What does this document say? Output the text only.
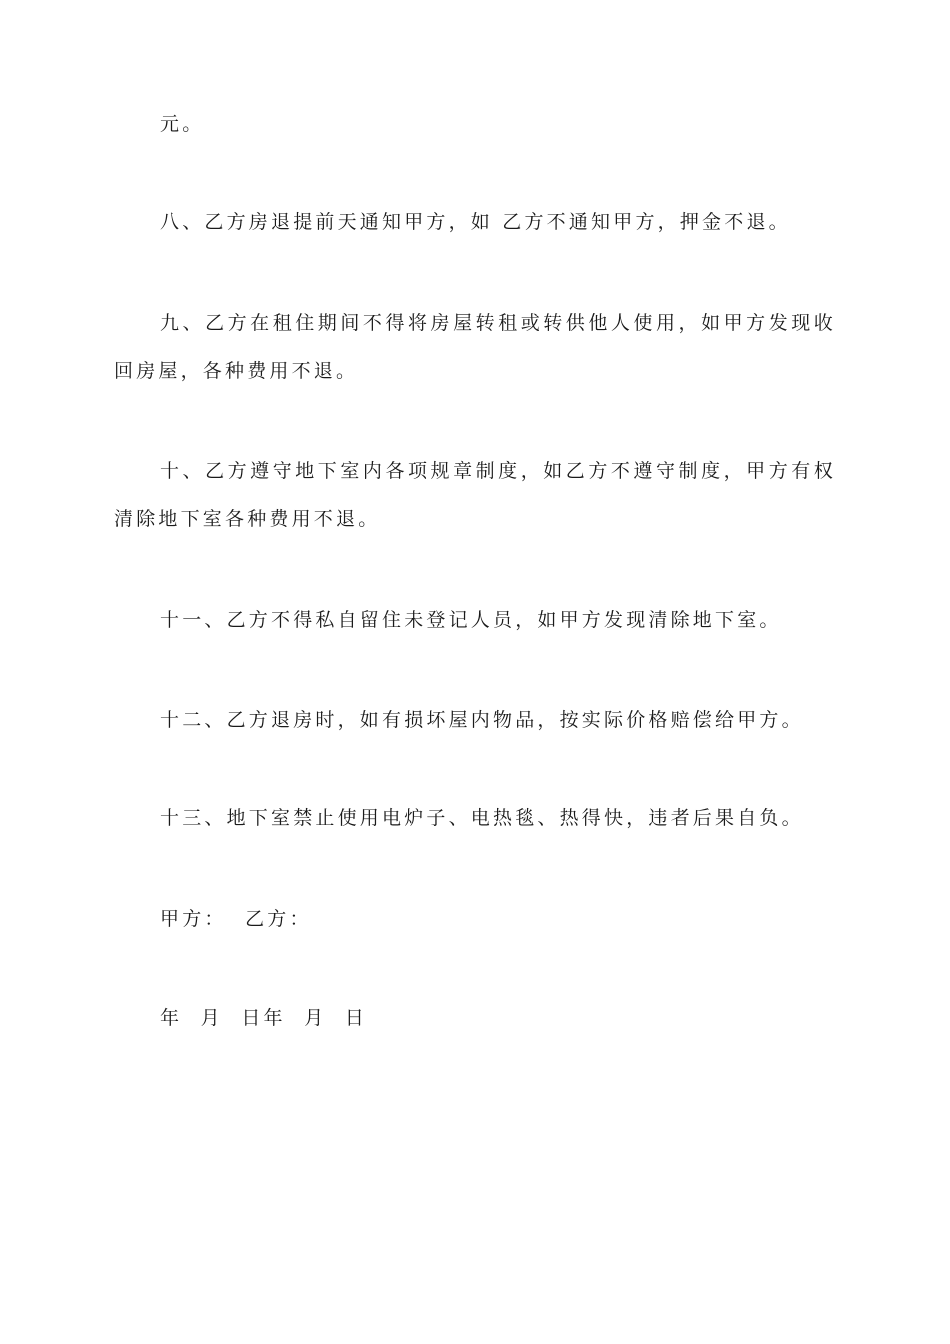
元。
八、乙方房退提前天通知甲方，如 乙方不通知甲方，押金不退。
九、乙方在租住期间不得将房屋转租或转供他人使用，如甲方发现收
回房屋，各种费用不退。
十、乙方遵守地下室内各项规章制度，如乙方不遵守制度，甲方有权
清除地下室各种费用不退。
十一、乙方不得私自留住未登记人员，如甲方发现清除地下室。
十二、乙方退房时，如有损坏屋内物品，按实际价格赔偿给甲方。
十三、地下室禁止使用电炉子、电热毯、热得快，违者后果自负。
甲方：  乙方：
年  月  日年  月  日
